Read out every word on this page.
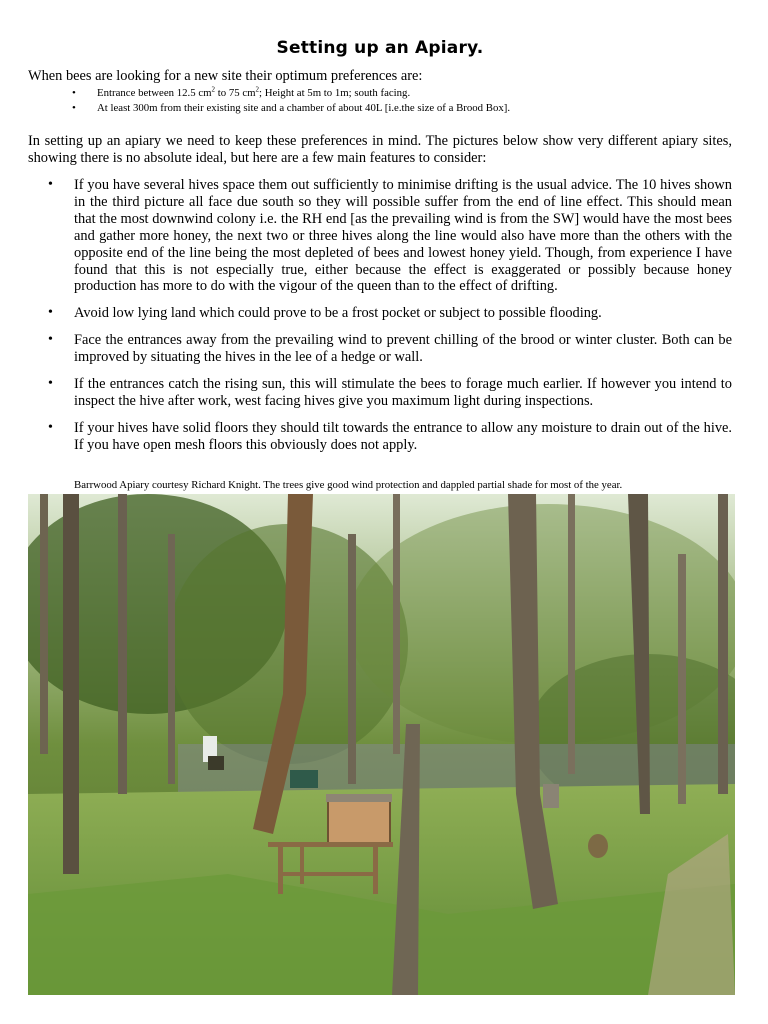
Setting up an Apiary.

When bees are looking for a new site their optimum preferences are:

• Entrance between 12.5 $cm^2$ to 75 $cm^2$; Height at 5m to 1m; south facing.
• At least 300m from their existing site and a chamber of about 40L [i.e.the size of a Brood Box].

In setting up an apiary we need to keep these preferences in mind. The pictures below show very different apiary sites, showing there is no absolute ideal, but here are a few main features to consider:

• If you have several hives space them out sufficiently to minimise drifting is the usual advice. The 10 hives shown in the third picture all face due south so they will possible suffer from the end of line effect. This should mean that the most downwind colony i.e. the RH end [as the prevailing wind is from the SW] would have the most bees and gather more honey, the next two or three hives along the line would also have more than the others with the opposite end of the line being the most depleted of bees and lowest honey yield. Though, from experience I have found that this is not especially true, either because the effect is exaggerated or possibly because honey production has more to do with the vigour of the queen than to the effect of drifting.
• Avoid low lying land which could prove to be a frost pocket or subject to possible flooding.
• Face the entrances away from the prevailing wind to prevent chilling of the brood or winter cluster. Both can be improved by situating the hives in the lee of a hedge or wall.
• If the entrances catch the rising sun, this will stimulate the bees to forage much earlier. If however you intend to inspect the hive after work, west facing hives give you maximum light during inspections.
• If your hives have solid floors they should tilt towards the entrance to allow any moisture to drain out of the hive. If you have open mesh floors this obviously does not apply.
Barrwood Apiary courtesy Richard Knight. The trees give good wind protection and dappled partial shade for most of the year.
